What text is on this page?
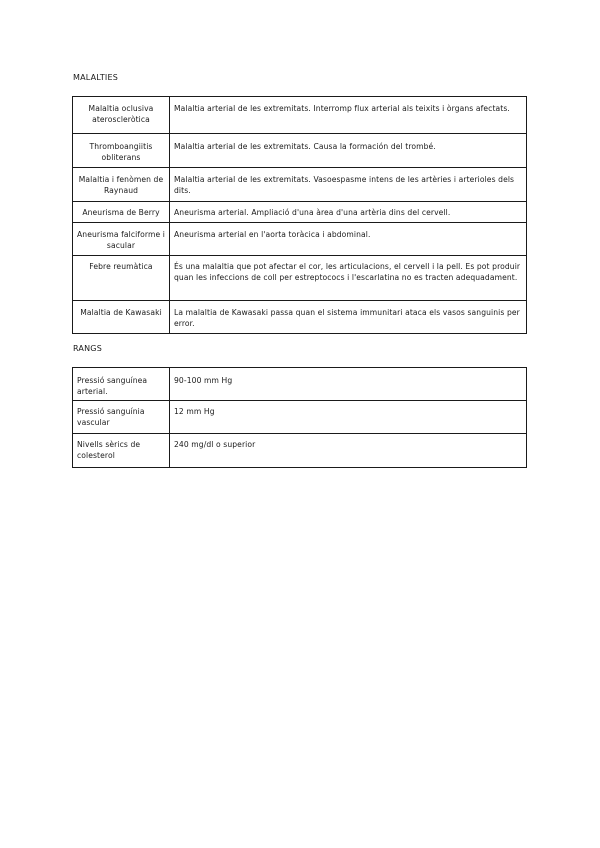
MALALTIES
Malaltia oclusiva ateroscleròtica	Malaltia arterial de les extremitats. Interromp flux arterial als teixits i òrgans afectats.
Thromboangiitis obliterans	Malaltia arterial de les extremitats. Causa la formación del trombé.
Malaltia i fenòmen de Raynaud	Malaltia arterial de les extremitats. Vasoespasme intens de les artèries i arterioles dels dits.
Aneurisma de Berry	Aneurisma arterial. Ampliació d'una àrea d'una artèria dins del cervell.
Aneurisma falciforme i sacular	Aneurisma arterial en l'aorta toràcica i abdominal.
Febre reumàtica	És una malaltia que pot afectar el cor, les articulacions, el cervell i la pell. Es pot produir quan les infeccions de coll per estreptococs i l'escarlatina no es tracten adequadament.
Malaltia de Kawasaki	La malaltia de Kawasaki passa quan el sistema immunitari ataca els vasos sanguinis per error.
RANGS
Pressió sanguínea arterial.	90-100 mm Hg
Pressió sanguínia vascular	12 mm Hg
Nivells sèrics de colesterol	240 mg/dl o superior
